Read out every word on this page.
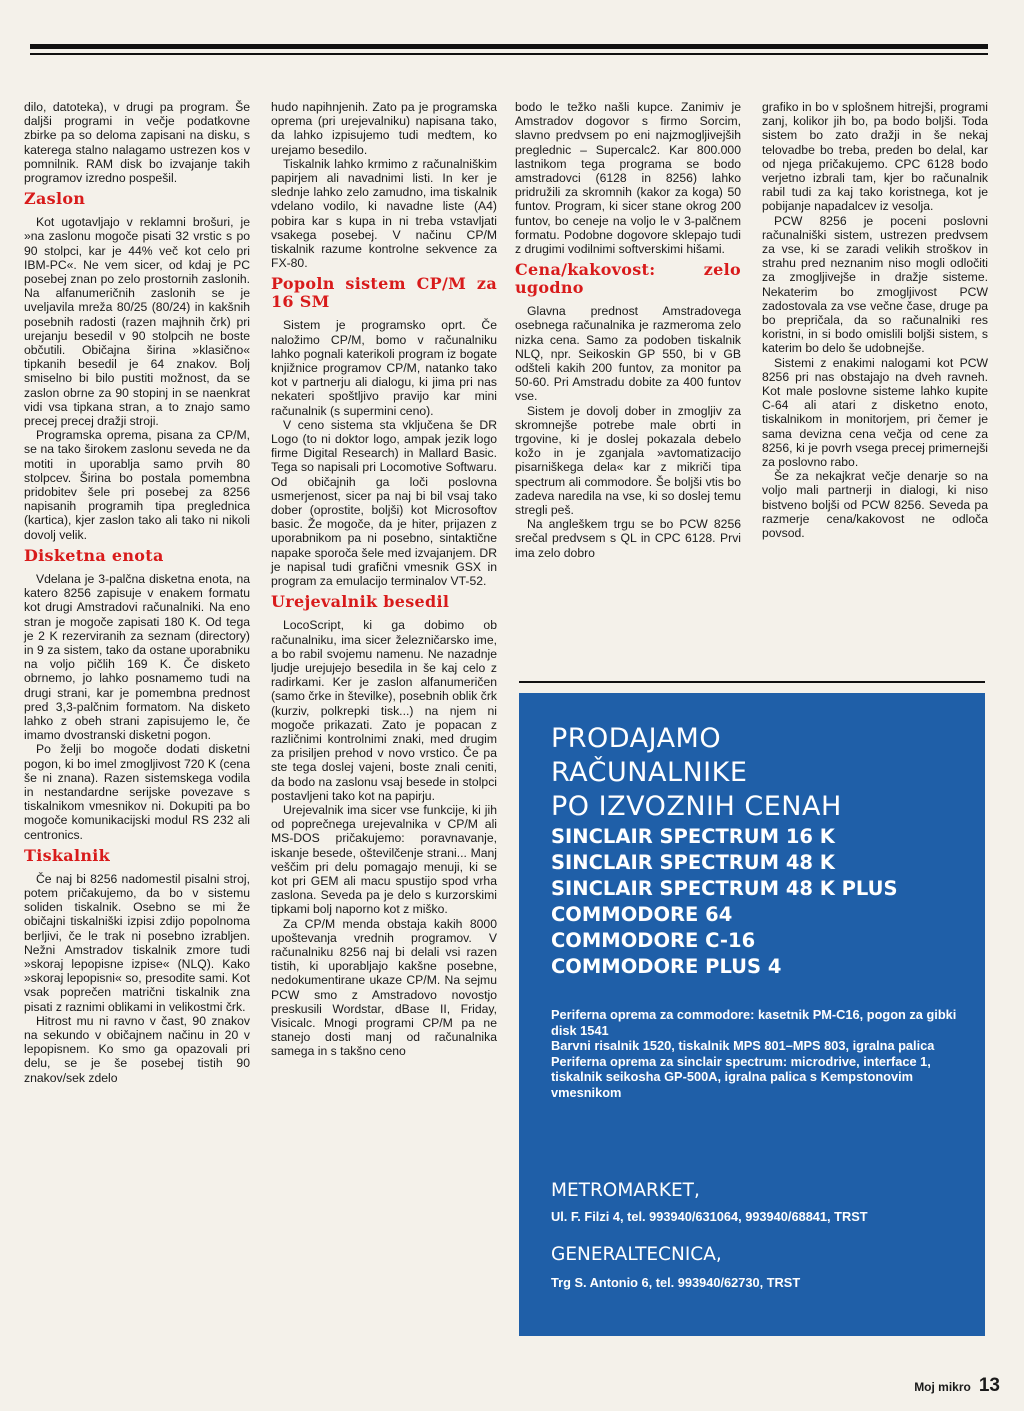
dilo, datoteka), v drugi pa program. Še daljši programi in večje podatkovne zbirke pa so deloma zapisani na disku, s katerega stalno nalagamo ustrezen kos v pomnilnik. RAM disk bo izvajanje takih programov izredno pospešil.

Zaslon

Kot ugotavljajo v reklamni brošuri, je »na zaslonu mogoče pisati 32 vrstic s po 90 stolpci, kar je 44% več kot celo pri IBM-PC«. Ne vem sicer, od kdaj je PC posebej znan po zelo prostornih zaslonih. Na alfanumeričnih zaslonih se je uveljavila mreža 80/25 (80/24) in kakšnih posebnih radosti (razen majhnih črk) pri urejanju besedil v 90 stolpcih ne boste občutili. Običajna širina »klasično« tipkanih besedil je 64 znakov. Bolj smiselno bi bilo pustiti možnost, da se zaslon obrne za 90 stopinj in se naenkrat vidi vsa tipkana stran, a to znajo samo precej precej dražji stroji.

Programska oprema, pisana za CP/M, se na tako širokem zaslonu seveda ne da motiti in uporablja samo prvih 80 stolpcev. Širina bo postala pomembna pridobitev šele pri posebej za 8256 napisanih programih tipa preglednica (kartica), kjer zaslon tako ali tako ni nikoli dovolj velik.

Disketna enota

Vdelana je 3-palčna disketna enota, na katero 8256 zapisuje v enakem formatu kot drugi Amstradovi računalniki. Na eno stran je mogoče zapisati 180 K. Od tega je 2 K rezerviranih za seznam (directory) in 9 za sistem, tako da ostane uporabniku na voljo pičlih 169 K. Če disketo obrnemo, jo lahko posnamemo tudi na drugi strani, kar je pomembna prednost pred 3,3-palčnim formatom. Na disketo lahko z obeh strani zapisujemo le, če imamo dvostranski disketni pogon.

Po želji bo mogoče dodati disketni pogon, ki bo imel zmogljivost 720 K (cena še ni znana). Razen sistemskega vodila in nestandardne serijske povezave s tiskalnikom vmesnikov ni. Dokupiti pa bo mogoče komunikacijski modul RS 232 ali centronics.

Tiskalnik

Če naj bi 8256 nadomestil pisalni stroj, potem pričakujemo, da bo v sistemu soliden tiskalnik. Osebno se mi že običajni tiskalniški izpisi zdijo popolnoma berljivi, če le trak ni posebno izrabljen. Nežni Amstradov tiskalnik zmore tudi »skoraj lepopisne izpise« (NLQ). Kako »skoraj lepopisni« so, presodite sami. Kot vsak poprečen matrični tiskalnik zna pisati z raznimi oblikami in velikostmi črk.

Hitrost mu ni ravno v čast, 90 znakov na sekundo v običajnem načinu in 20 v lepopisnem. Ko smo ga opazovali pri delu, se je še posebej tistih 90 znakov/sek zdelo

hudo napihnjenih. Zato pa je programska oprema (pri urejevalniku) napisana tako, da lahko izpisujemo tudi medtem, ko urejamo besedilo.

Tiskalnik lahko krmimo z računalniškim papirjem ali navadnimi listi. In ker je slednje lahko zelo zamudno, ima tiskalnik vdelano vodilo, ki navadne liste (A4) pobira kar s kupa in ni treba vstavljati vsakega posebej. V načinu CP/M tiskalnik razume kontrolne sekvence za FX-80.

Popoln sistem CP/M za 16 SM

Sistem je programsko oprt. Če naložimo CP/M, bomo v računalniku lahko pognali katerikoli program iz bogate knjižnice programov CP/M, natanko tako kot v partnerju ali dialogu, ki jima pri nas nekateri spoštljivo pravijo kar mini računalnik (s supermini ceno).

V ceno sistema sta vključena še DR Logo (to ni doktor logo, ampak jezik logo firme Digital Research) in Mallard Basic. Tega so napisali pri Locomotive Softwaru. Od običajnih ga loči poslovna usmerjenost, sicer pa naj bi bil vsaj tako dober (oprostite, boljši) kot Microsoftov basic. Že mogoče, da je hiter, prijazen z uporabnikom pa ni posebno, sintaktične napake sporoča šele med izvajanjem. DR je napisal tudi grafični vmesnik GSX in program za emulacijo terminalov VT-52.

Urejevalnik besedil

LocoScript, ki ga dobimo ob računalniku, ima sicer železničarsko ime, a bo rabil svojemu namenu. Ne nazadnje ljudje urejujejo besedila in še kaj celo z radirkami. Ker je zaslon alfanumeričen (samo črke in številke), posebnih oblik črk (kurziv, polkrepki tisk...) na njem ni mogoče prikazati. Zato je popacan z različnimi kontrolnimi znaki, med drugim za prisiljen prehod v novo vrstico. Če pa ste tega doslej vajeni, boste znali ceniti, da bodo na zaslonu vsaj besede in stolpci postavljeni tako kot na papirju.

Urejevalnik ima sicer vse funkcije, ki jih od poprečnega urejevalnika v CP/M ali MS-DOS pričakujemo: poravnavanje, iskanje besede, oštevilčenje strani... Manj veščim pri delu pomagajo menuji, ki se kot pri GEM ali macu spustijo spod vrha zaslona. Seveda pa je delo s kurzorskimi tipkami bolj naporno kot z miško.

Za CP/M menda obstaja kakih 8000 upoštevanja vrednih programov. V računalniku 8256 naj bi delali vsi razen tistih, ki uporabljajo kakšne posebne, nedokumentirane ukaze CP/M. Na sejmu PCW smo z Amstradovo novostjo preskusili Wordstar, dBase II, Friday, Visicalc. Mnogi programi CP/M pa ne stanejo dosti manj od računalnika samega in s takšno ceno

bodo le težko našli kupce. Zanimiv je Amstradov dogovor s firmo Sorcim, slavno predvsem po eni najzmogljivejših preglednic – Supercalc2. Kar 800.000 lastnikom tega programa se bodo amstradovci (6128 in 8256) lahko pridružili za skromnih (kakor za koga) 50 funtov. Program, ki sicer stane okrog 200 funtov, bo ceneje na voljo le v 3-palčnem formatu. Podobne dogovore sklepajo tudi z drugimi vodilnimi softverskimi hišami.

Cena/kakovost: zelo ugodno

Glavna prednost Amstradovega osebnega računalnika je razmeroma zelo nizka cena. Samo za podoben tiskalnik NLQ, npr. Seikoskin GP 550, bi v GB odšteli kakih 200 funtov, za monitor pa 50-60. Pri Amstradu dobite za 400 funtov vse.

Sistem je dovolj dober in zmogljiv za skromnejše potrebe male obrti in trgovine, ki je doslej pokazala debelo kožo in je zganjala »avtomatizacijo pisarniškega dela« kar z mikriči tipa spectrum ali commodore. Še boljši vtis bo zadeva naredila na vse, ki so doslej temu stregli peš.

Na angleškem trgu se bo PCW 8256 srečal predvsem s QL in CPC 6128. Prvi ima zelo dobro

grafiko in bo v splošnem hitrejši, programi zanj, kolikor jih bo, pa bodo boljši. Toda sistem bo zato dražji in še nekaj telovadbe bo treba, preden bo delal, kar od njega pričakujemo. CPC 6128 bodo verjetno izbrali tam, kjer bo računalnik rabil tudi za kaj tako koristnega, kot je pobijanje napadalcev iz vesolja.

PCW 8256 je poceni poslovni računalniški sistem, ustrezen predvsem za vse, ki se zaradi velikih stroškov in strahu pred neznanim niso mogli odločiti za zmogljivejše in dražje sisteme. Nekaterim bo zmogljivost PCW zadostovala za vse večne čase, druge pa bo prepričala, da so računalniki res koristni, in si bodo omislili boljši sistem, s katerim bo delo še udobnejše.

Sistemi z enakimi nalogami kot PCW 8256 pri nas obstajajo na dveh ravneh. Kot male poslovne sisteme lahko kupite C-64 ali atari z disketno enoto, tiskalnikom in monitorjem, pri čemer je sama devizna cena večja od cene za 8256, ki je povrh vsega precej primernejši za poslovno rabo.

Še za nekajkrat večje denarje so na voljo mali partnerji in dialogi, ki niso bistveno boljši od PCW 8256. Seveda pa razmerje cena/kakovost ne odloča povsod.

PRODAJAMO
RAČUNALNIKE
PO IZVOZNIH CENAH
SINCLAIR SPECTRUM 16 K
SINCLAIR SPECTRUM 48 K
SINCLAIR SPECTRUM 48 K PLUS
COMMODORE 64
COMMODORE C-16
COMMODORE PLUS 4
Periferna oprema za commodore: kasetnik PM-C16, pogon za gibki disk 1541
Barvni risalnik 1520, tiskalnik MPS 801–MPS 803, igralna palica
Periferna oprema za sinclair spectrum: microdrive, interface 1, tiskalnik seikosha GP-500A, igralna palica s Kempstonovim vmesnikom
METROMARKET,
Ul. F. Filzi 4, tel. 993940/631064, 993940/68841, TRST
GENERALTECNICA,
Trg S. Antonio 6, tel. 993940/62730, TRST
Moj mikro 13
